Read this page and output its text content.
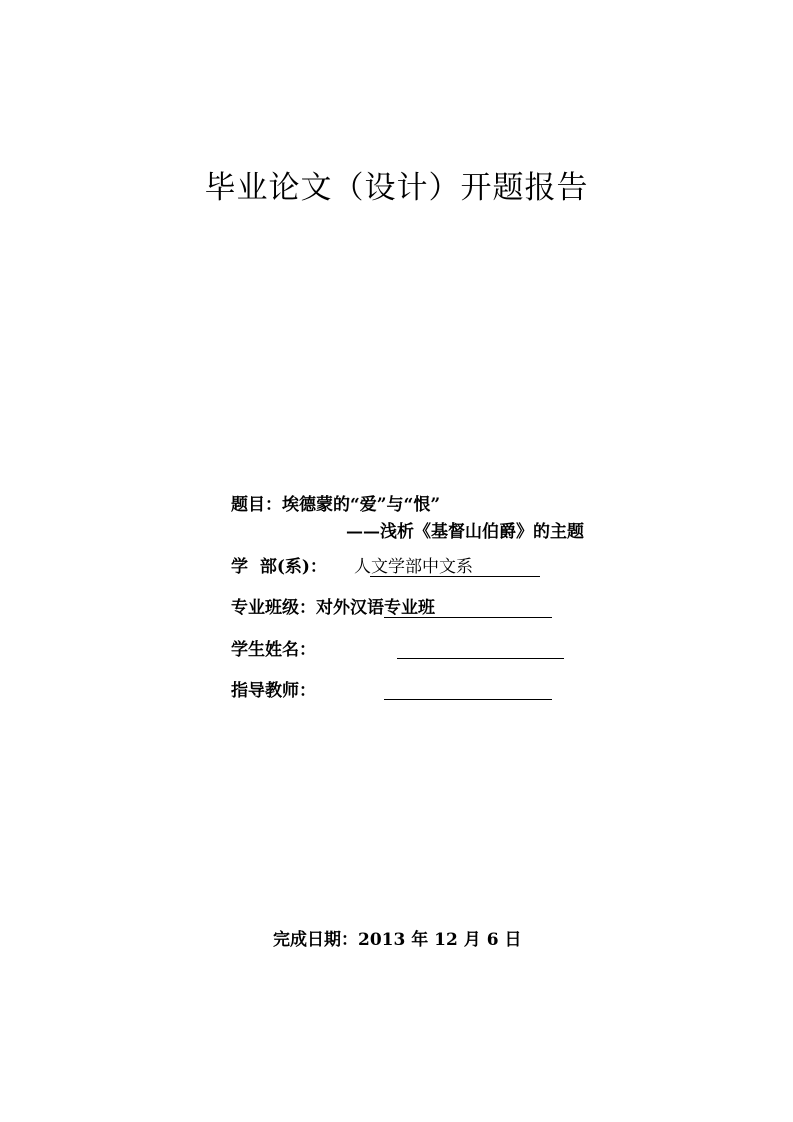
毕业论文（设计）开题报告
题目：埃德蒙的“爱”与“恨”
——浅析《基督山伯爵》的主题
学  部(系)： 人文学部中文系
专业班级： 对外汉语专业班
学生姓名：
指导教师：
完成日期：2013 年 12 月 6 日
